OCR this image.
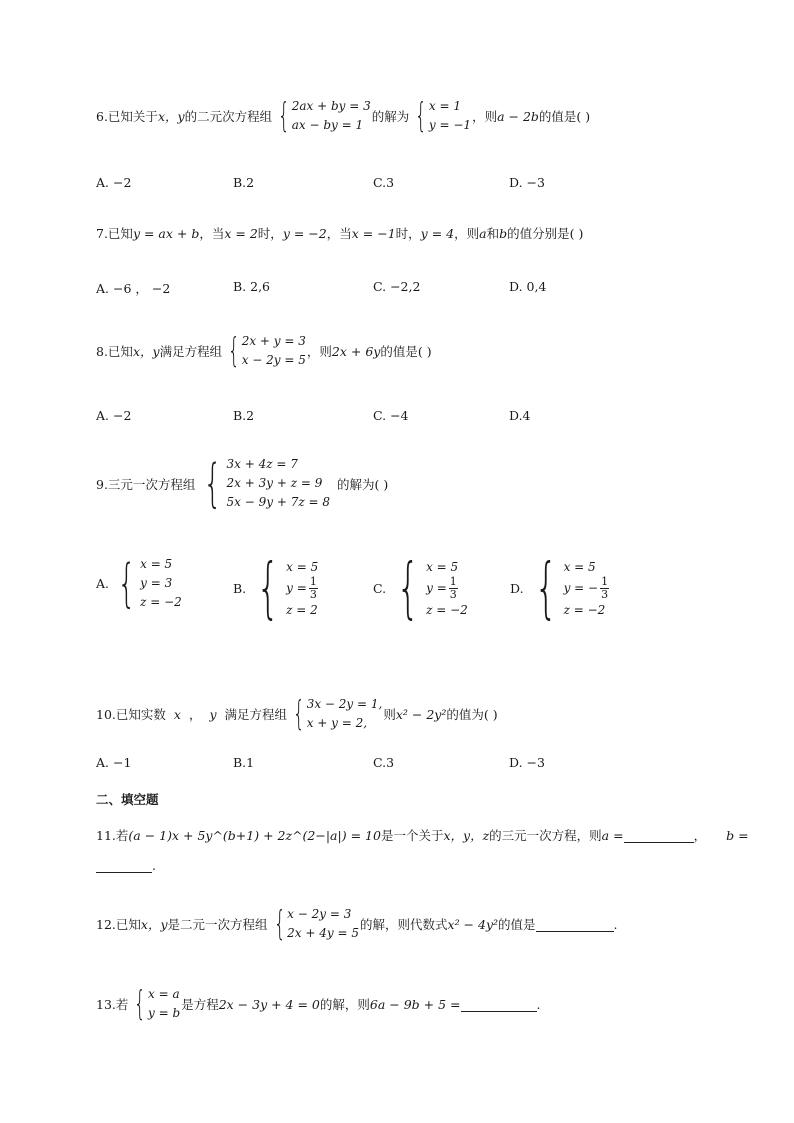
6.已知关于 x，y 的二元次方程组 { 2ax + by = 3
ax − by = 1
的解为 { x = 1
y = −1
，则 a − 2b 的值是( )
A. −2	B.2	C.3	D. −3
7.已知 y = ax + b ，当 x = 2 时， y = −2 ，当 x = −1 时， y = 4 ，则 a 和 b 的值分别是( )
A. −6 ， −2	B. 2,6	C. −2,2	D. 0,4
8.已知 x，y 满足方程组 { 2x + y = 3
x − 2y = 5
，则 2x + 6y 的值是( )
A. −2	B.2	C. −4	D.4
9.三元一次方程组 { 3x + 4z = 7
2x + 3y + z = 9
5x − 9y + 7z = 8
的解为( )
A. { x = 5
y = 3
z = −2
B. { x = 5
$y = \frac{1}{3}$
z = 2
C. { x = 5
$y = \frac{1}{3}$
z = −2
D. { x = 5
y = − $\frac{1}{3}$
z = −2
10.已知实数 x ， y 满足方程组 { 3x − 2y = 1,
x + y = 2,
则 x² − 2y² 的值为( )
A. −1	B.1	C.3	D. −3
二、填空题
11.若 (a − 1)x + 5y^(b+1) + 2z^(2−|a|) = 10 是一个关于 x，y，z 的三元一次方程，则 a =	， b =
.
12.已知 x，y 是二元一次方程组 { x − 2y = 3
2x + 4y = 5
的解，则代数式 x² − 4y² 的值是	.
13.若 { x = a
y = b
是方程 2x − 3y + 4 = 0 的解，则 6a − 9b + 5 =	.
